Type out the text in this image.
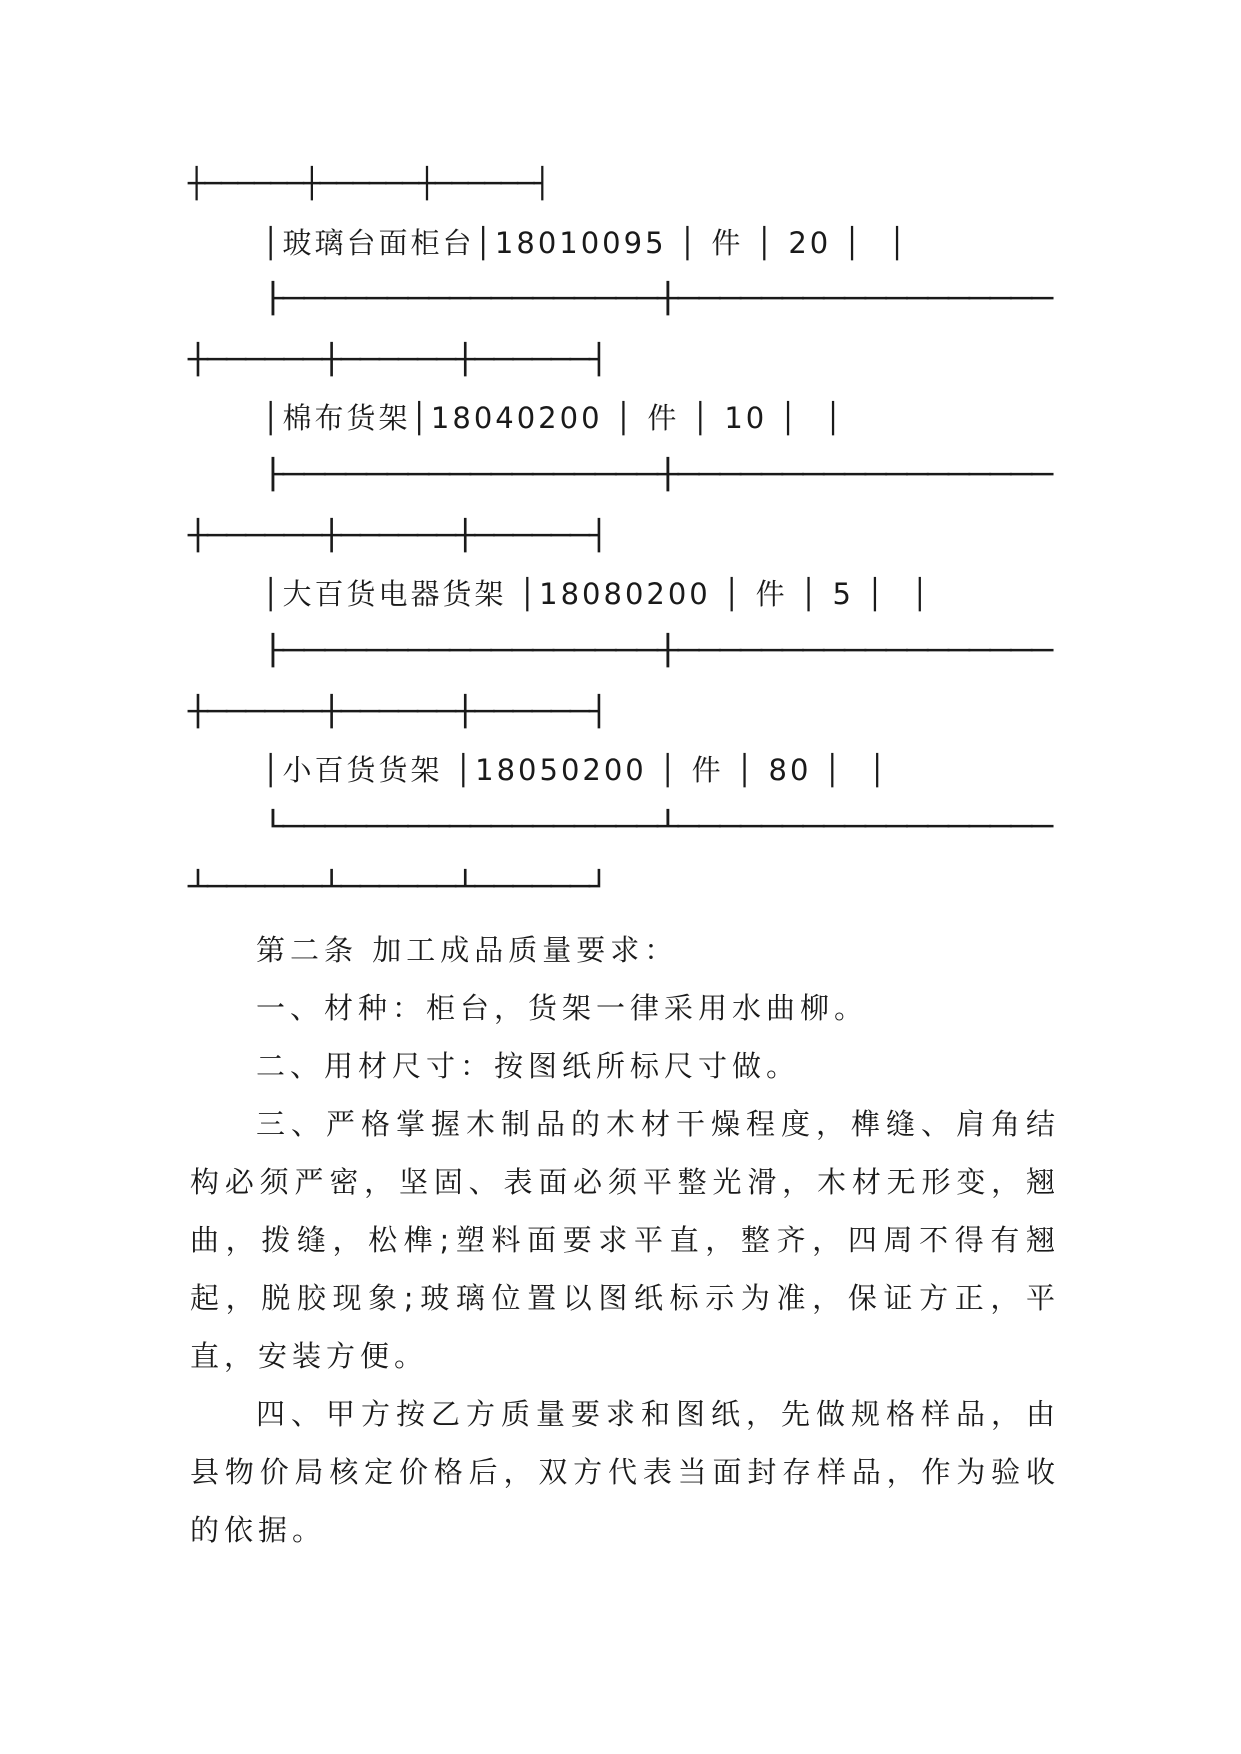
┼──────┼──────┼──────┤
│玻璃台面柜台│18010095 │ 件 │ 20 │  │
├──────────────────┼──────────────────
┼──────┼──────┼──────┤
│棉布货架│18040200 │ 件 │ 10 │  │
├──────────────────┼──────────────────
┼──────┼──────┼──────┤
│大百货电器货架 │18080200 │ 件 │ 5 │  │
├──────────────────┼──────────────────
┼──────┼──────┼──────┤
│小百货货架 │18050200 │ 件 │ 80 │  │
└──────────────────┴──────────────────
┴──────┴──────┴──────┘
第二条 加工成品质量要求：
一、材种：柜台，货架一律采用水曲柳。
二、用材尺寸：按图纸所标尺寸做。
三、严格掌握木制品的木材干燥程度，榫缝、肩角结构必须严密，坚固、表面必须平整光滑，木材无形变，翘曲，拨缝，松榫;塑料面要求平直，整齐，四周不得有翘起，脱胶现象;玻璃位置以图纸标示为准，保证方正，平直，安装方便。
四、甲方按乙方质量要求和图纸，先做规格样品，由县物价局核定价格后，双方代表当面封存样品，作为验收的依据。
